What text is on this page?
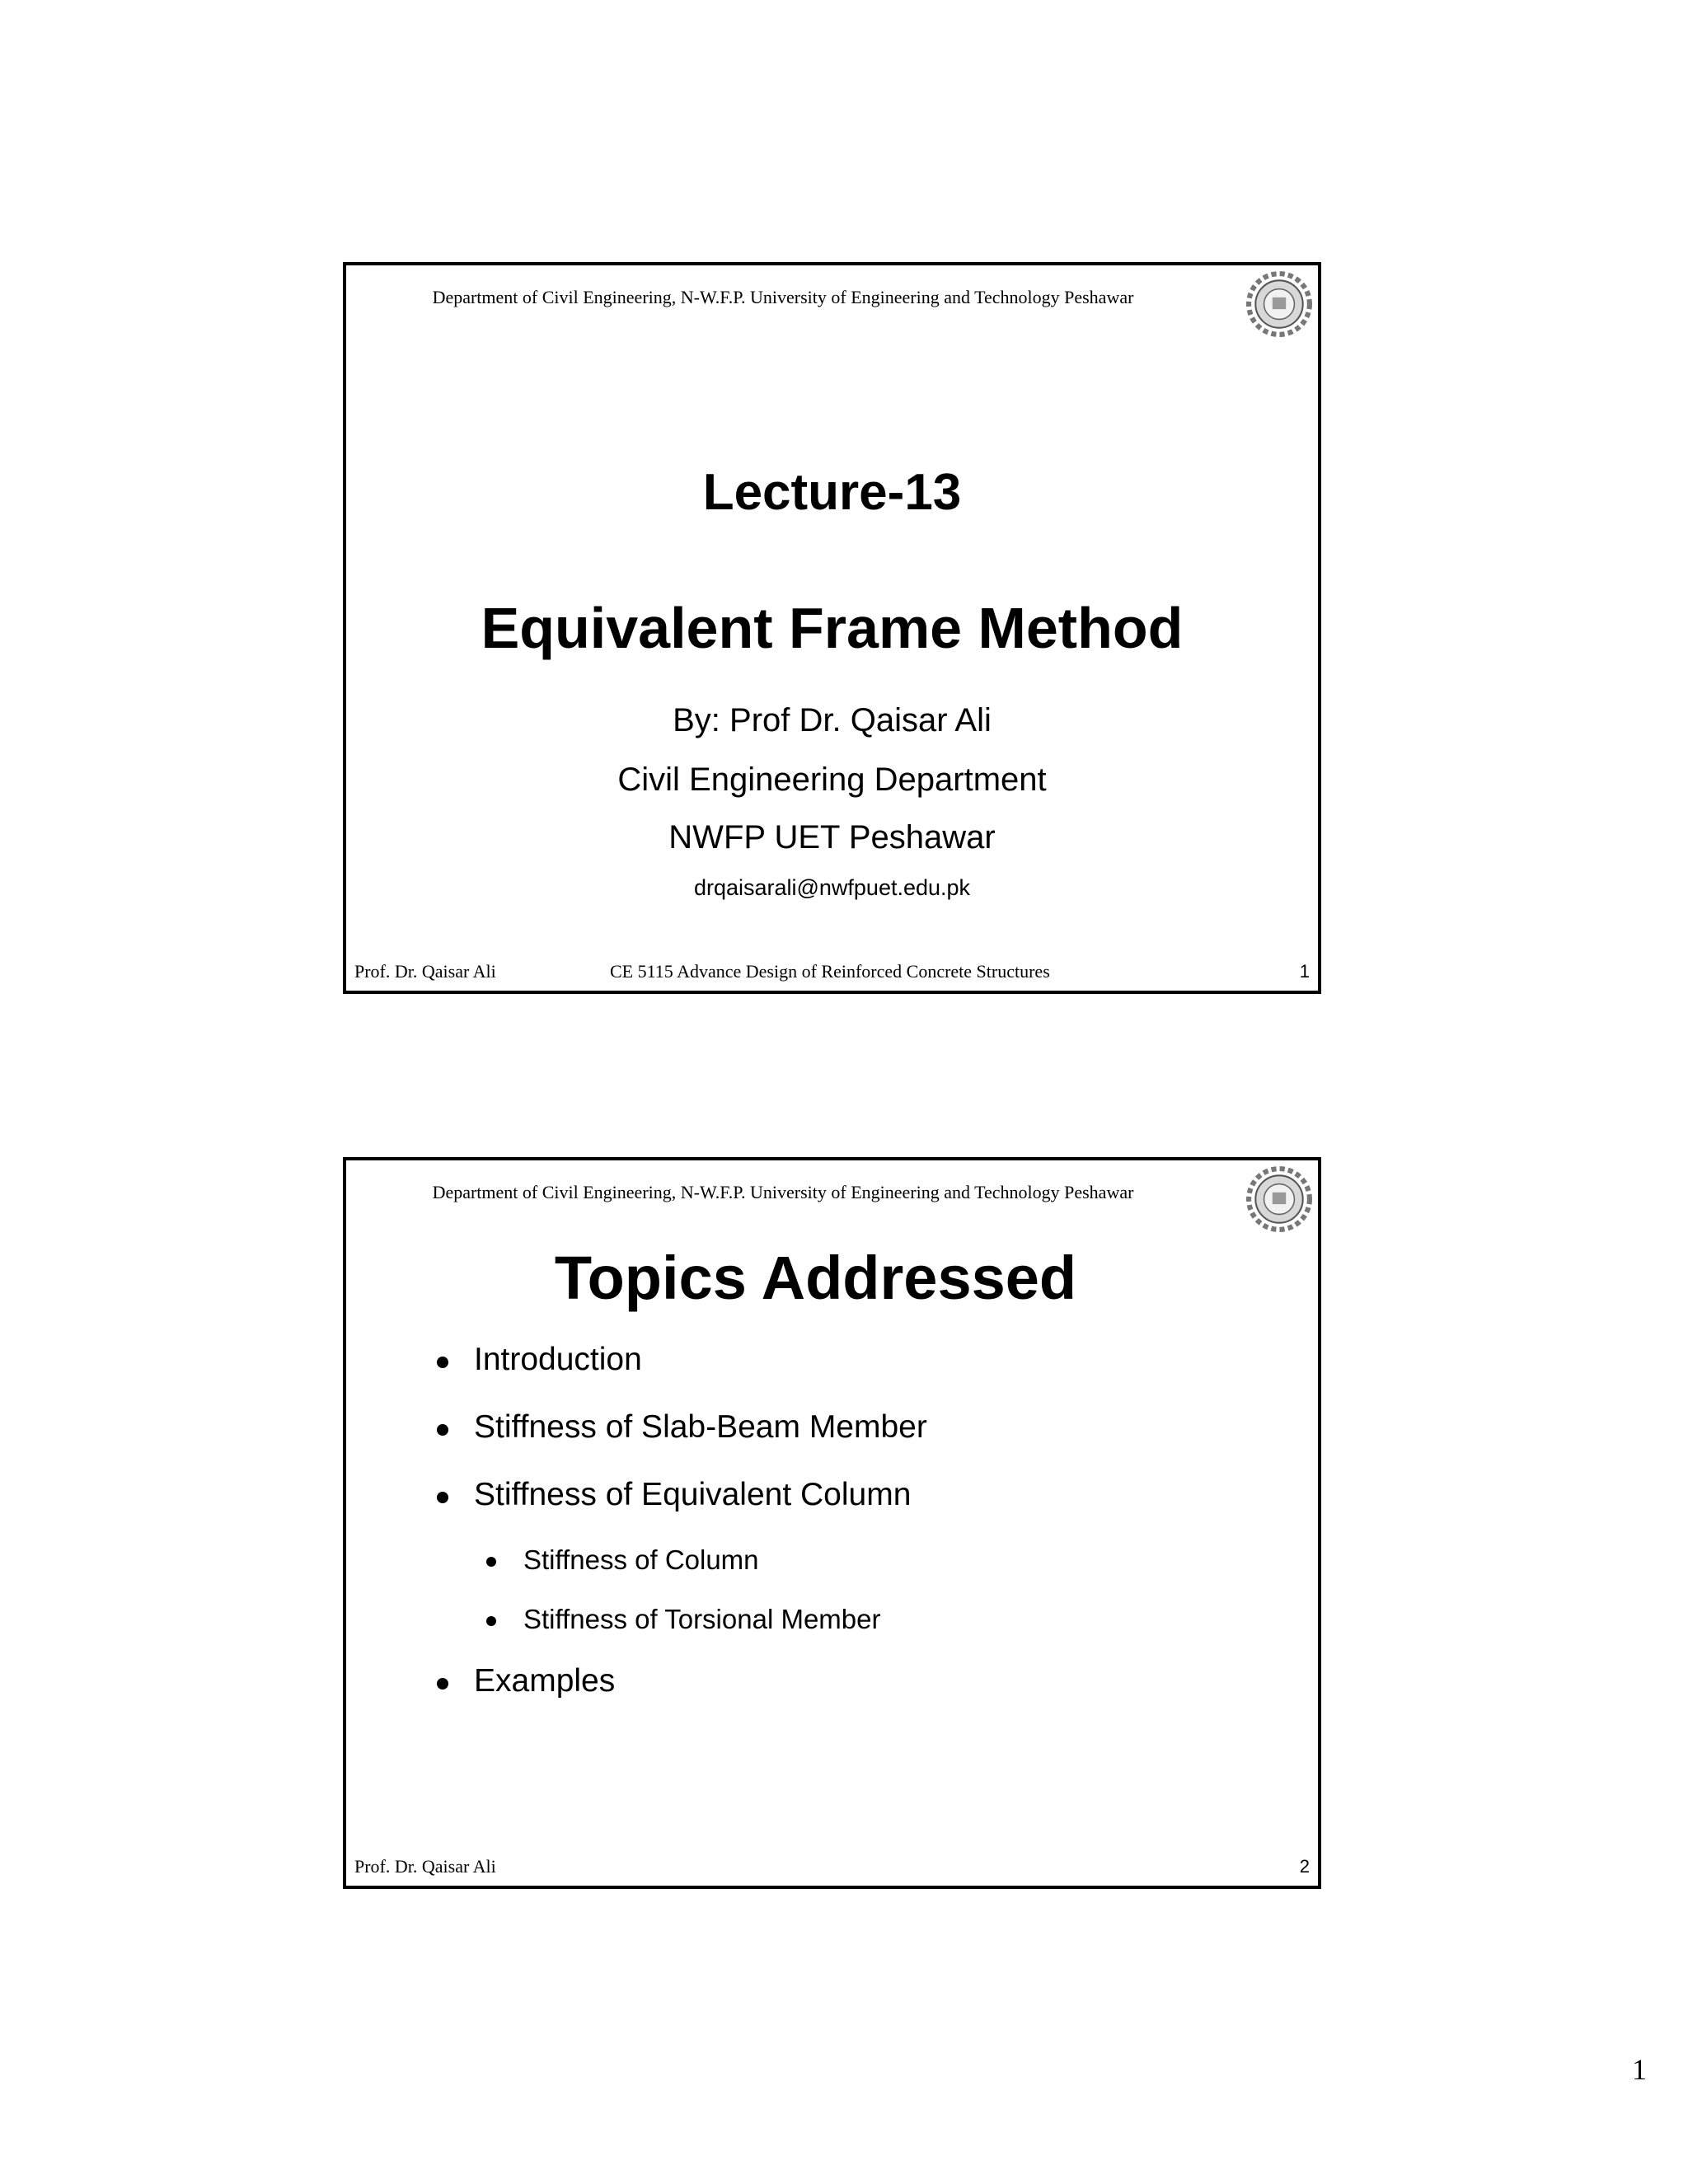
Department of Civil Engineering, N-W.F.P. University of Engineering and Technology Peshawar
Lecture-13
Equivalent Frame Method
By: Prof Dr. Qaisar Ali
Civil Engineering Department
NWFP UET Peshawar
drqaisarali@nwfpuet.edu.pk
Prof. Dr. Qaisar Ali	CE 5115 Advance Design of Reinforced Concrete Structures	1
Department of Civil Engineering, N-W.F.P. University of Engineering and Technology Peshawar
Topics Addressed
Introduction
Stiffness of Slab-Beam Member
Stiffness of Equivalent Column
Stiffness of Column
Stiffness of Torsional Member
Examples
Prof. Dr. Qaisar Ali	2
1
